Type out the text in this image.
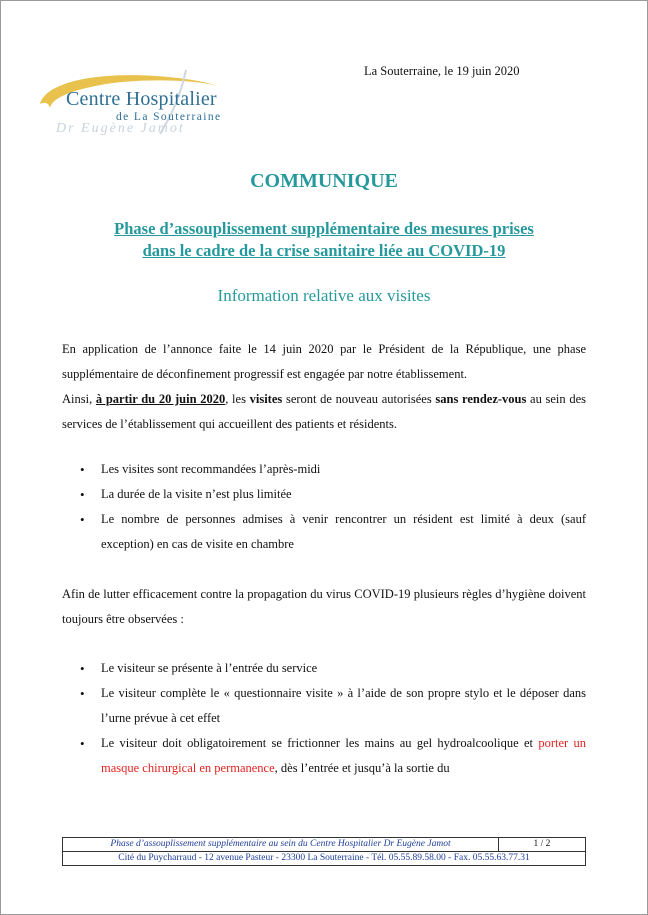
Centre Hospitalier
de La Souterraine
Dr Eugène Jamot
La Souterraine, le 19 juin 2020
COMMUNIQUE
Phase d’assouplissement supplémentaire des mesures prises
dans le cadre de la crise sanitaire liée au COVID-19
Information relative aux visites
En application de l’annonce faite le 14 juin 2020 par le Président de la République, une phase supplémentaire de déconfinement progressif est engagée par notre établissement.
Ainsi, à partir du 20 juin 2020, les visites seront de nouveau autorisées sans rendez-vous au sein des services de l’établissement qui accueillent des patients et résidents.
• Les visites sont recommandées l’après-midi
• La durée de la visite n’est plus limitée
• Le nombre de personnes admises à venir rencontrer un résident est limité à deux (sauf exception) en cas de visite en chambre
Afin de lutter efficacement contre la propagation du virus COVID-19 plusieurs règles d’hygiène doivent toujours être observées :
• Le visiteur se présente à l’entrée du service
• Le visiteur complète le « questionnaire visite » à l’aide de son propre stylo et le déposer dans l’urne prévue à cet effet
• Le visiteur doit obligatoirement se frictionner les mains au gel hydroalcoolique et porter un masque chirurgical en permanence, dès l’entrée et jusqu’à la sortie du
Phase d’assouplissement supplémentaire au sein du Centre Hospitalier Dr Eugène Jamot	1 / 2
Cité du Puycharraud - 12 avenue Pasteur - 23300 La Souterraine - Tél. 05.55.89.58.00 - Fax. 05.55.63.77.31
